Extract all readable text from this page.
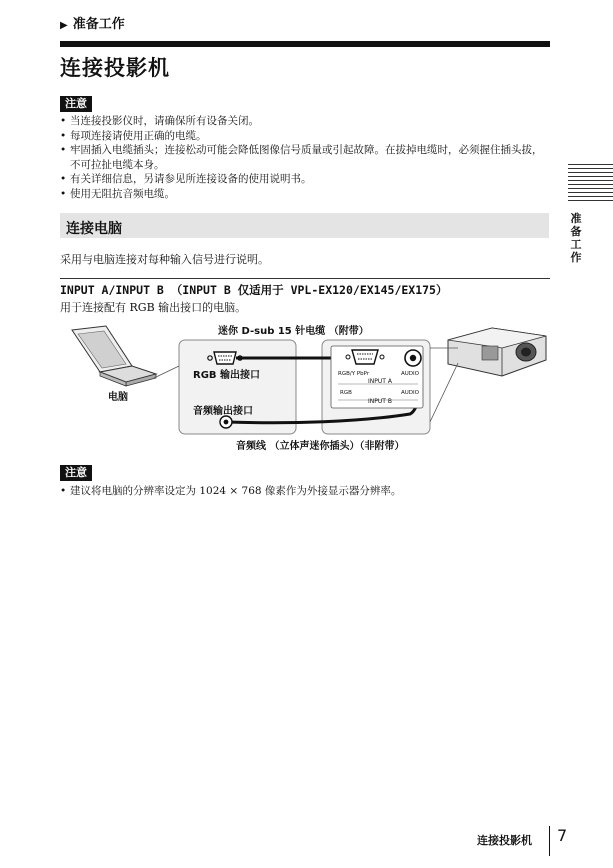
▶ 准备工作
连接投影机
注意
• 当连接投影仪时，请确保所有设备关闭。
• 每项连接请使用正确的电缆。
• 牢固插入电缆插头；连接松动可能会降低图像信号质量或引起故障。在拔掉电缆时，必须握住插头拔，不可拉扯电缆本身。
• 有关详细信息，另请参见所连接设备的使用说明书。
• 使用无阻抗音频电缆。
连接电脑
采用与电脑连接对每种输入信号进行说明。
INPUT A/INPUT B （INPUT B 仅适用于 VPL-EX120/EX145/EX175）
用于连接配有 RGB 输出接口的电脑。
迷你 D-sub 15 针电缆 （附带）
RGB 输出接口
电脑
音频输出接口
音频线 （立体声迷你插头）（非附带）
RGB/Y PbPr	AUDIO
INPUT A
RGB	AUDIO
INPUT B
注意
• 建议将电脑的分辨率设定为 1024 × 768 像素作为外接显示器分辨率。
准备工作
连接投影机 7
